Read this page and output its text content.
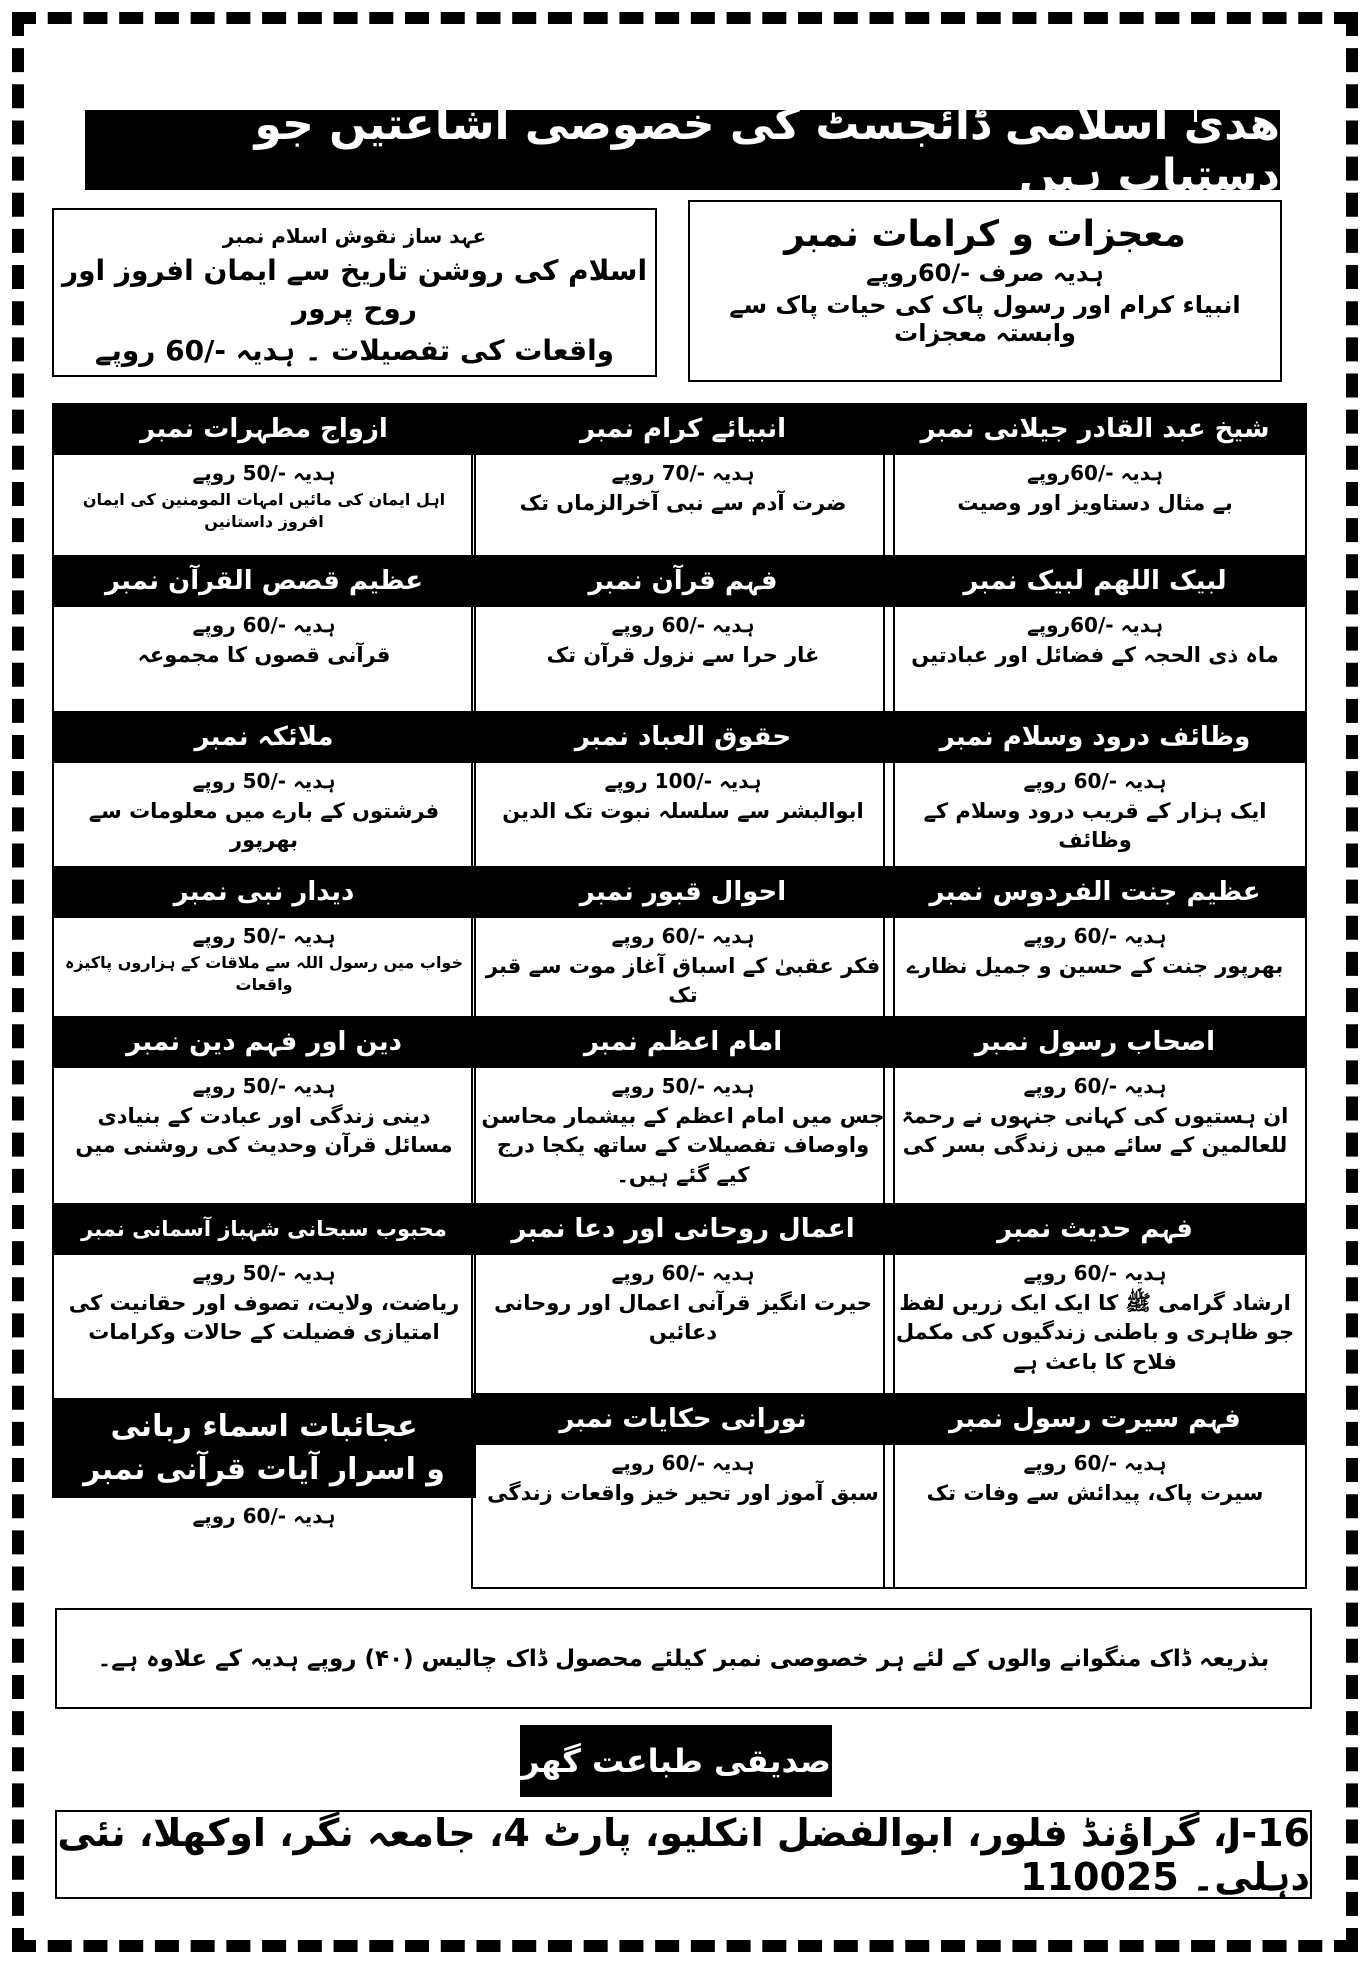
ھدیٰ اسلامی ڈائجسٹ کی خصوصی اشاعتیں جو دستیاب ہیں
معجزات و کرامات نمبر
ہدیہ صرف -/60روپے
انبیاء کرام اور رسول پاک کی حیات پاک سے وابستہ معجزات
عہد ساز نقوش اسلام نمبر
اسلام کی روشن تاریخ سے ایمان افروز اور روح پرور
واقعات کی تفصیلات ۔ ہدیہ -/60 روپے
شیخ عبد القادر جیلانی نمبر
ہدیہ -/60روپے
بے مثال دستاویز اور وصیت
انبیائے کرام نمبر
ہدیہ -/70 روپے
ضرت آدم سے نبی آخرالزماں تک
ازواج مطہرات نمبر
ہدیہ -/50 روپے
اہل ایمان کی مائیں امہات المومنین کی ایمان افروز داستانیں
لبیک اللھم لبیک نمبر
ہدیہ -/60روپے
ماہ ذی الحجہ کے فضائل اور عبادتیں
فہم قرآن نمبر
ہدیہ -/60 روپے
غار حرا سے نزول قرآن تک
عظیم قصص القرآن نمبر
ہدیہ -/60 روپے
قرآنی قصوں کا مجموعہ
وظائف درود وسلام نمبر
ہدیہ -/60 روپے
ایک ہزار کے قریب درود وسلام کے وظائف
حقوق العباد نمبر
ہدیہ -/100 روپے
ابوالبشر سے سلسلہ نبوت تک الدین
ملائکہ نمبر
ہدیہ -/50 روپے
فرشتوں کے بارے میں معلومات سے بھرپور
عظیم جنت الفردوس نمبر
ہدیہ -/60 روپے
بھرپور جنت کے حسین و جمیل نظارے
احوال قبور نمبر
ہدیہ -/60 روپے
فکر عقبیٰ کے اسباق آغاز موت سے قبر تک
دیدار نبی نمبر
ہدیہ -/50 روپے
خواب میں رسول اللہ سے ملاقات کے ہزاروں پاکیزہ واقعات
اصحاب رسول نمبر
ہدیہ -/60 روپے
ان ہستیوں کی کہانی جنہوں نے رحمۃ للعالمین کے سائے میں زندگی بسر کی
امام اعظم نمبر
ہدیہ -/50 روپے
جس میں امام اعظم کے بیشمار محاسن واوصاف تفصیلات کے ساتھ یکجا درج کیے گئے ہیں۔
دین اور فہم دین نمبر
ہدیہ -/50 روپے
دینی زندگی اور عبادت کے بنیادی مسائل قرآن وحدیث کی روشنی میں
فہم حدیث نمبر
ہدیہ -/60 روپے
ارشاد گرامی ﷺ کا ایک ایک زریں لفظ جو ظاہری و باطنی زندگیوں کی مکمل فلاح کا باعث ہے
اعمال روحانی اور دعا نمبر
ہدیہ -/60 روپے
حیرت انگیز قرآنی اعمال اور روحانی دعائیں
محبوب سبحانی شہباز آسمانی نمبر
ہدیہ -/50 روپے
ریاضت، ولایت، تصوف اور حقانیت کی امتیازی فضیلت کے حالات وکرامات
فہم سیرت رسول نمبر
ہدیہ -/60 روپے
سیرت پاک، پیدائش سے وفات تک
نورانی حکایات نمبر
ہدیہ -/60 روپے
سبق آموز اور تحیر خیز واقعات زندگی
عجائبات اسماء ربانی
و اسرار آیات قرآنی نمبر
ہدیہ -/60 روپے
بذریعہ ڈاک منگوانے والوں کے لئے ہر خصوصی نمبر کیلئے محصول ڈاک چالیس (۴۰) روپے ہدیہ کے علاوہ ہے۔
صدیقی طباعت گھر
J-16، گراؤنڈ فلور، ابوالفضل انکلیو، پارٹ 4، جامعہ نگر، اوکھلا، نئی دہلی۔ 110025
